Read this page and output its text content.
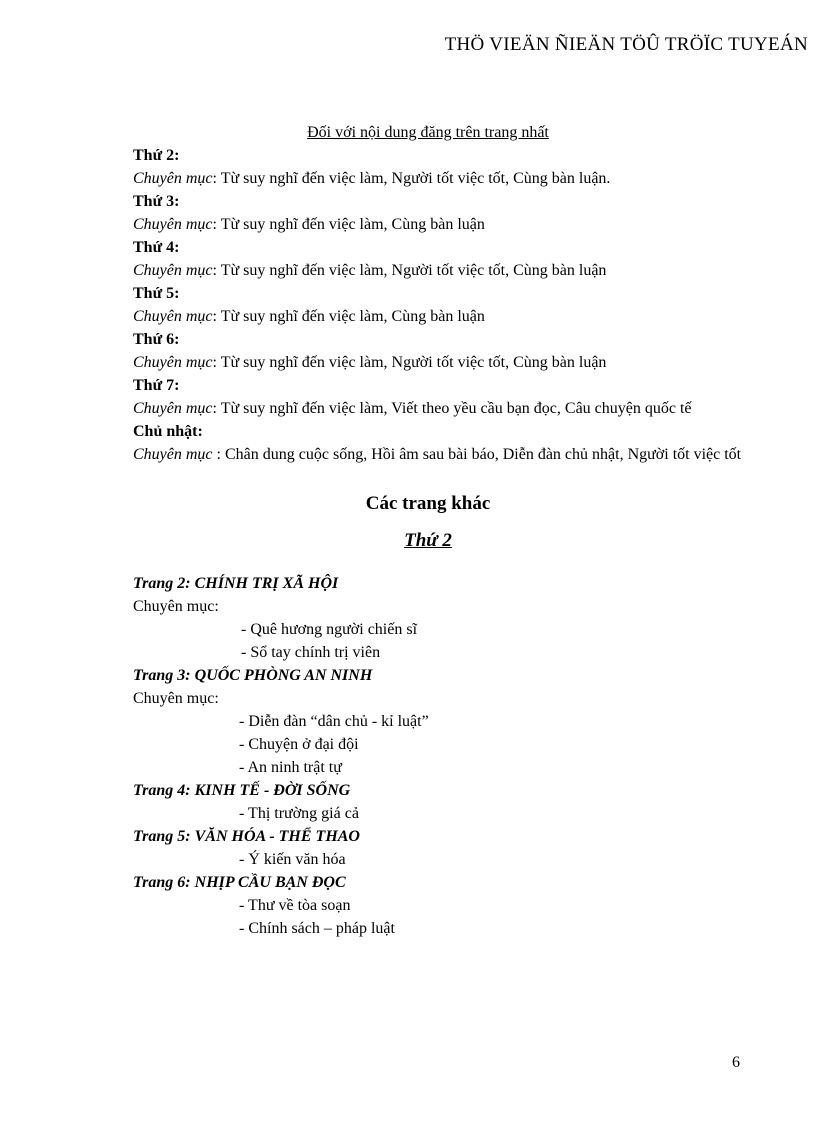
THÖ VIEÄN ÑIEÄN TÖÛ TRÖÏC TUYEÁN
Đối với nội dung đăng trên trang nhất
Thứ 2:
Chuyên mục: Từ suy nghĩ đến việc làm, Người tốt việc tốt, Cùng bàn luận.
Thứ 3:
Chuyên mục: Từ suy nghĩ đến việc làm, Cùng bàn luận
Thứ 4:
Chuyên mục: Từ suy nghĩ đến việc làm, Người tốt việc tốt, Cùng bàn luận
Thứ 5:
Chuyên mục: Từ suy nghĩ đến việc làm, Cùng bàn luận
Thứ 6:
Chuyên mục: Từ suy nghĩ đến việc làm, Người tốt việc tốt, Cùng bàn luận
Thứ 7:
Chuyên mục: Từ suy nghĩ đến việc làm, Viết theo yều cầu bạn đọc, Câu chuyện quốc tế
Chủ nhật:
Chuyên mục : Chân dung cuộc sống, Hồi âm sau bài báo, Diễn đàn chủ nhật, Người tốt việc tốt
Các trang khác
Thứ 2
Trang 2: CHÍNH TRỊ XÃ HỘI
Chuyên mục:
- Quê hương người chiến sĩ
- Sổ tay chính trị viên
Trang 3: QUỐC PHÒNG AN NINH
Chuyên mục:
- Diễn đàn “dân chủ - kỉ luật”
- Chuyện ở đại đội
- An ninh trật tự
Trang 4: KINH TẾ - ĐỜI SỐNG
- Thị trường giá cả
Trang 5: VĂN HÓA - THỂ THAO
- Ý kiến văn hóa
Trang 6: NHỊP CẦU BẠN ĐỌC
- Thư về tòa soạn
- Chính sách – pháp luật
6
